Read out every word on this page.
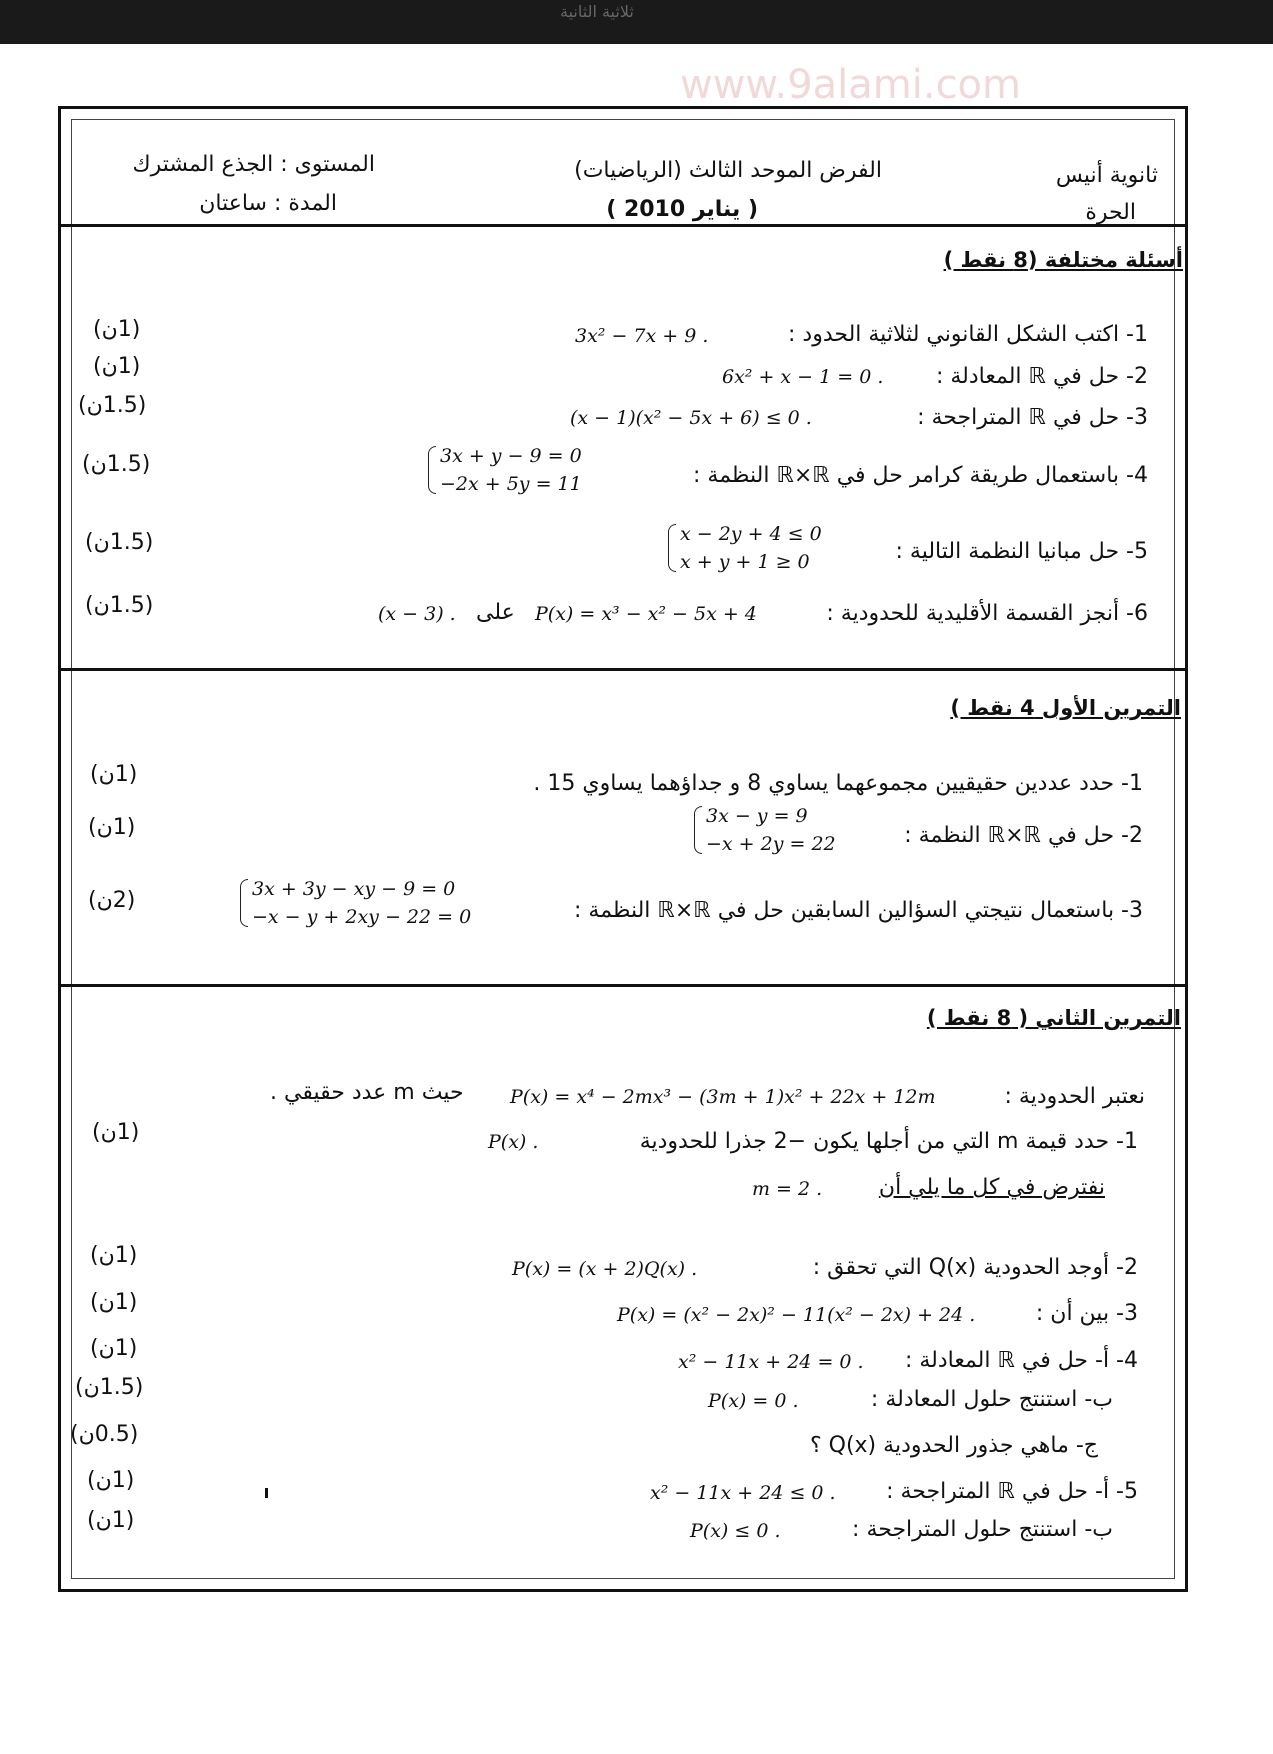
ثلاثية الثانية
www.9alami.com
ثانوية أنيس
الحرة
الفرض الموحد الثالث (الرياضيات)
( يناير 2010 )
المستوى : الجذع المشترك
المدة : ساعتان
أسئلة مختلفة (8 نقط )
1- اكتب الشكل القانوني لثلاثية الحدود :
3x² − 7x + 9 .
(1ن)
2- حل في ℝ المعادلة :
6x² + x − 1 = 0 .
(1ن)
3- حل في ℝ المتراجحة :
(x − 1)(x² − 5x + 6) ≤ 0 .
(1.5ن)
4- باستعمال طريقة كرامر حل في ℝ×ℝ النظمة :
3x + y − 9 = 0
−2x + 5y = 11
(1.5ن)
5- حل مبانيا النظمة التالية :
x − 2y + 4 ≤ 0
x + y + 1 ≥ 0
(1.5ن)
6- أنجز القسمة الأقليدية للحدودية :
P(x) = x³ − x² − 5x + 4
على
(x − 3) .
(1.5ن)
التمرين الأول 4 نقط )
1- حدد عددين حقيقيين مجموعهما يساوي 8 و جداؤهما يساوي 15 .
(1ن)
2- حل في ℝ×ℝ النظمة :
3x − y = 9
−x + 2y = 22
(1ن)
3- باستعمال نتيجتي السؤالين السابقين حل في ℝ×ℝ النظمة :
3x + 3y − xy − 9 = 0
−x − y + 2xy − 22 = 0
(2ن)
التمرين الثاني ( 8 نقط )
نعتبر الحدودية :
P(x) = x⁴ − 2mx³ − (3m + 1)x² + 22x + 12m
حيث m عدد حقيقي .
1- حدد قيمة m التي من أجلها يكون −2 جذرا للحدودية
P(x) .
(1ن)
نفترض في كل ما يلي أن
m = 2 .
2- أوجد الحدودية Q(x) التي تحقق :
P(x) = (x + 2)Q(x) .
(1ن)
3- بين أن :
P(x) = (x² − 2x)² − 11(x² − 2x) + 24 .
(1ن)
4- أ- حل في ℝ المعادلة :
x² − 11x + 24 = 0 .
(1ن)
ب- استنتج حلول المعادلة :
P(x) = 0 .
(1.5ن)
ج- ماهي جذور الحدودية Q(x) ؟
(0.5ن)
5- أ- حل في ℝ المتراجحة :
x² − 11x + 24 ≤ 0 .
(1ن)
ب- استنتج حلول المتراجحة :
P(x) ≤ 0 .
(1ن)
